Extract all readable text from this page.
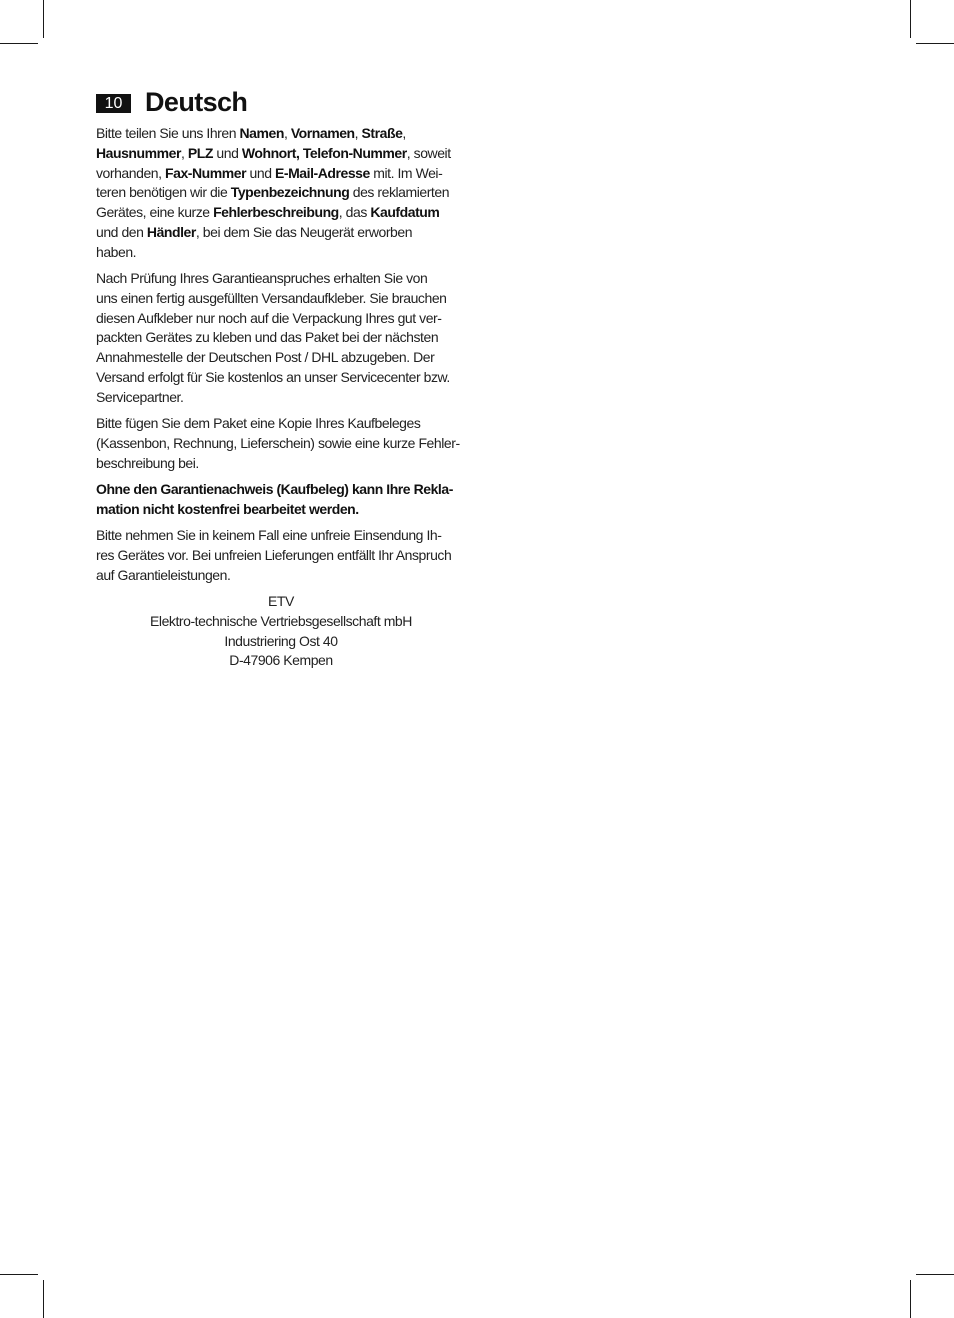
10 Deutsch

Bitte teilen Sie uns Ihren Namen, Vornamen, Straße,
Hausnummer, PLZ und Wohnort, Telefon-Nummer, soweit
vorhanden, Fax-Nummer und E-Mail-Adresse mit. Im Wei-
teren benötigen wir die Typenbezeichnung des reklamierten
Gerätes, eine kurze Fehlerbeschreibung, das Kaufdatum
und den Händler, bei dem Sie das Neugerät erworben
haben.

Nach Prüfung Ihres Garantieanspruches erhalten Sie von
uns einen fertig ausgefüllten Versandaufkleber. Sie brauchen
diesen Aufkleber nur noch auf die Verpackung Ihres gut ver-
packten Gerätes zu kleben und das Paket bei der nächsten
Annahmestelle der Deutschen Post / DHL abzugeben. Der
Versand erfolgt für Sie kostenlos an unser Servicecenter bzw.
Servicepartner.

Bitte fügen Sie dem Paket eine Kopie Ihres Kaufbeleges
(Kassenbon, Rechnung, Lieferschein) sowie eine kurze Fehler-
beschreibung bei.

Ohne den Garantienachweis (Kaufbeleg) kann Ihre Rekla-
mation nicht kostenfrei bearbeitet werden.

Bitte nehmen Sie in keinem Fall eine unfreie Einsendung Ih-
res Gerätes vor. Bei unfreien Lieferungen entfällt Ihr Anspruch
auf Garantieleistungen.

ETV
Elektro-technische Vertriebsgesellschaft mbH
Industriering Ost 40
D-47906 Kempen
